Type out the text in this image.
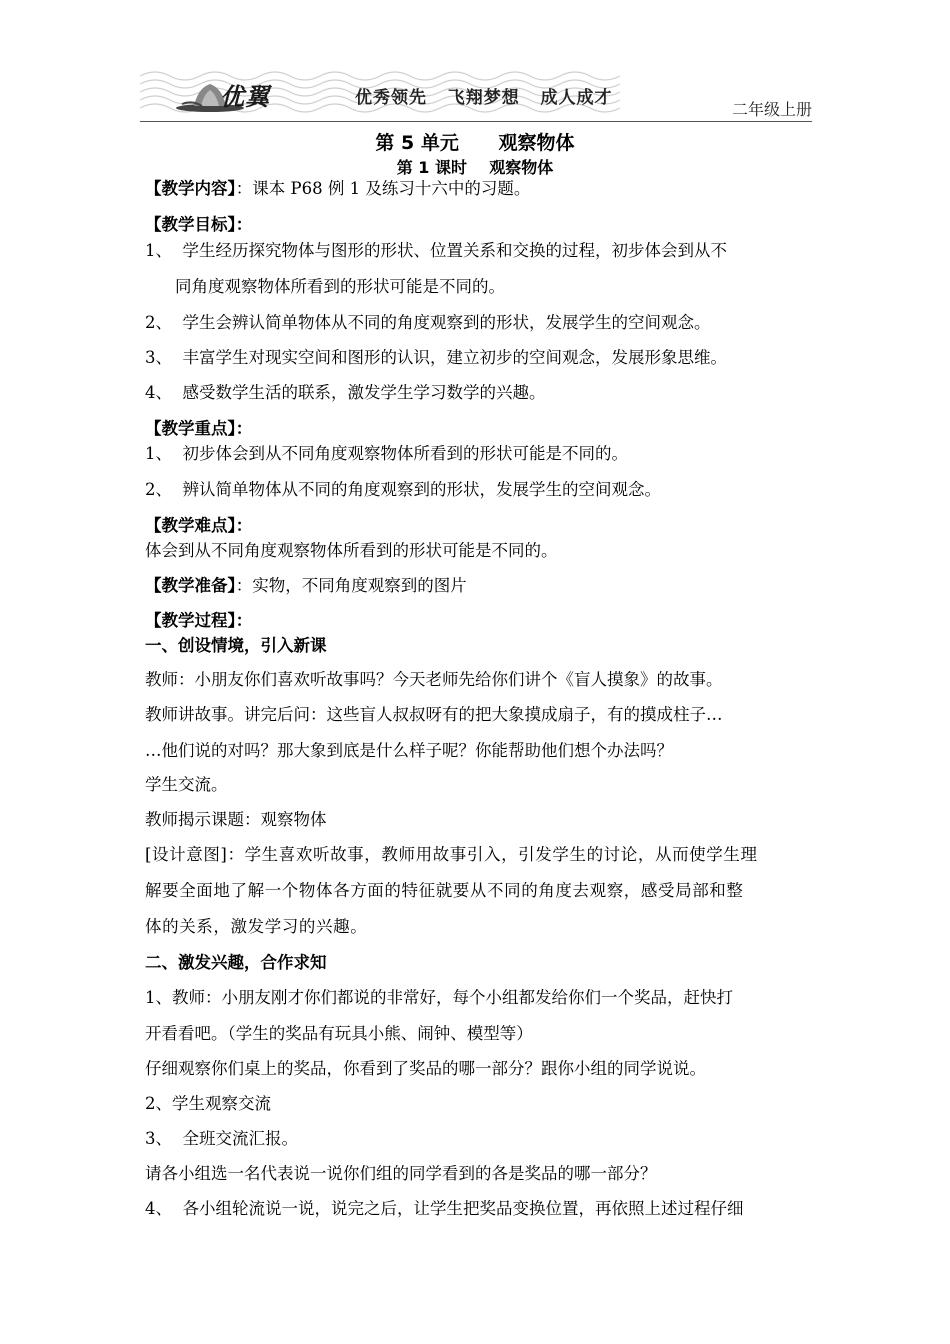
优翼	优秀领先   飞翔梦想   成人成才
二年级上册
第 5 单元      观察物体
第 1 课时    观察物体
【教学内容】：课本 P68 例 1 及练习十六中的习题。
【教学目标】：
1、  学生经历探究物体与图形的形状、位置关系和交换的过程，初步体会到从不
同角度观察物体所看到的形状可能是不同的。
2、  学生会辨认简单物体从不同的角度观察到的形状，发展学生的空间观念。
3、  丰富学生对现实空间和图形的认识，建立初步的空间观念，发展形象思维。
4、  感受数学生活的联系，激发学生学习数学的兴趣。
【教学重点】：
1、  初步体会到从不同角度观察物体所看到的形状可能是不同的。
2、  辨认简单物体从不同的角度观察到的形状，发展学生的空间观念。
【教学难点】：
体会到从不同角度观察物体所看到的形状可能是不同的。
【教学准备】：实物，不同角度观察到的图片
【教学过程】：
一、创设情境，引入新课
教师：小朋友你们喜欢听故事吗？今天老师先给你们讲个《盲人摸象》的故事。
教师讲故事。讲完后问：这些盲人叔叔呀有的把大象摸成扇子，有的摸成柱子…
…他们说的对吗？那大象到底是什么样子呢？你能帮助他们想个办法吗？
学生交流。
教师揭示课题：观察物体
[设计意图]：学生喜欢听故事，教师用故事引入，引发学生的讨论，从而使学生理
解要全面地了解一个物体各方面的特征就要从不同的角度去观察，感受局部和整
体的关系，激发学习的兴趣。
二、激发兴趣，合作求知
1、教师：小朋友刚才你们都说的非常好，每个小组都发给你们一个奖品，赶快打
开看看吧。（学生的奖品有玩具小熊、闹钟、模型等）
仔细观察你们桌上的奖品，你看到了奖品的哪一部分？跟你小组的同学说说。
2、学生观察交流
3、  全班交流汇报。
请各小组选一名代表说一说你们组的同学看到的各是奖品的哪一部分？
4、  各小组轮流说一说，说完之后，让学生把奖品变换位置，再依照上述过程仔细
